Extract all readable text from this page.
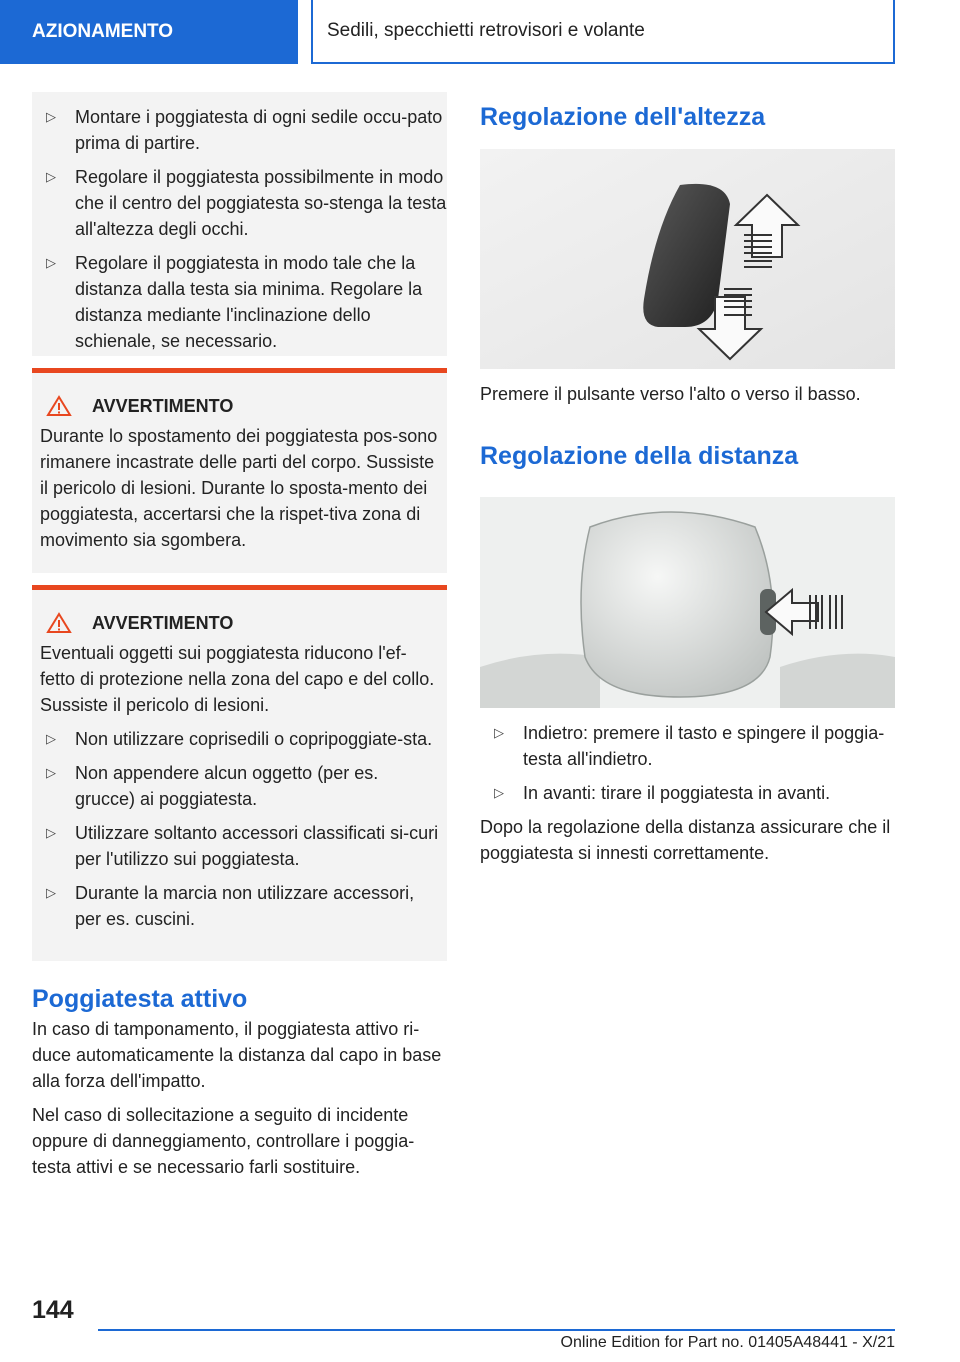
AZIONAMENTO	Sedili, specchietti retrovisori e volante
▷ Montare i poggiatesta di ogni sedile occu-pato prima di partire.
▷ Regolare il poggiatesta possibilmente in modo che il centro del poggiatesta so-stenga la testa all'altezza degli occhi.
▷ Regolare il poggiatesta in modo tale che la distanza dalla testa sia minima. Regolare la distanza mediante l'inclinazione dello schienale, se necessario.
AVVERTIMENTO

Durante lo spostamento dei poggiatesta pos-sono rimanere incastrate delle parti del corpo. Sussiste il pericolo di lesioni. Durante lo sposta-mento dei poggiatesta, accertarsi che la rispet-tiva zona di movimento sia sgombera.

AVVERTIMENTO

Eventuali oggetti sui poggiatesta riducono l'ef-fetto di protezione nella zona del capo e del collo. Sussiste il pericolo di lesioni.

▷ Non utilizzare coprisedili o copripoggiate-sta.
▷ Non appendere alcun oggetto (per es. grucce) ai poggiatesta.
▷ Utilizzare soltanto accessori classificati si-curi per l'utilizzo sui poggiatesta.
▷ Durante la marcia non utilizzare accessori, per es. cuscini.
Poggiatesta attivo

In caso di tamponamento, il poggiatesta attivo ri-duce automaticamente la distanza dal capo in base alla forza dell'impatto.

Nel caso di sollecitazione a seguito di incidente oppure di danneggiamento, controllare i poggia-testa attivi e se necessario farli sostituire.

Regolazione dell'altezza

Premere il pulsante verso l'alto o verso il basso.

Regolazione della distanza
▷ Indietro: premere il tasto e spingere il poggia-testa all'indietro.
▷ In avanti: tirare il poggiatesta in avanti.

Dopo la regolazione della distanza assicurare che il poggiatesta si innesti correttamente.

144
Online Edition for Part no. 01405A48441 - X/21
